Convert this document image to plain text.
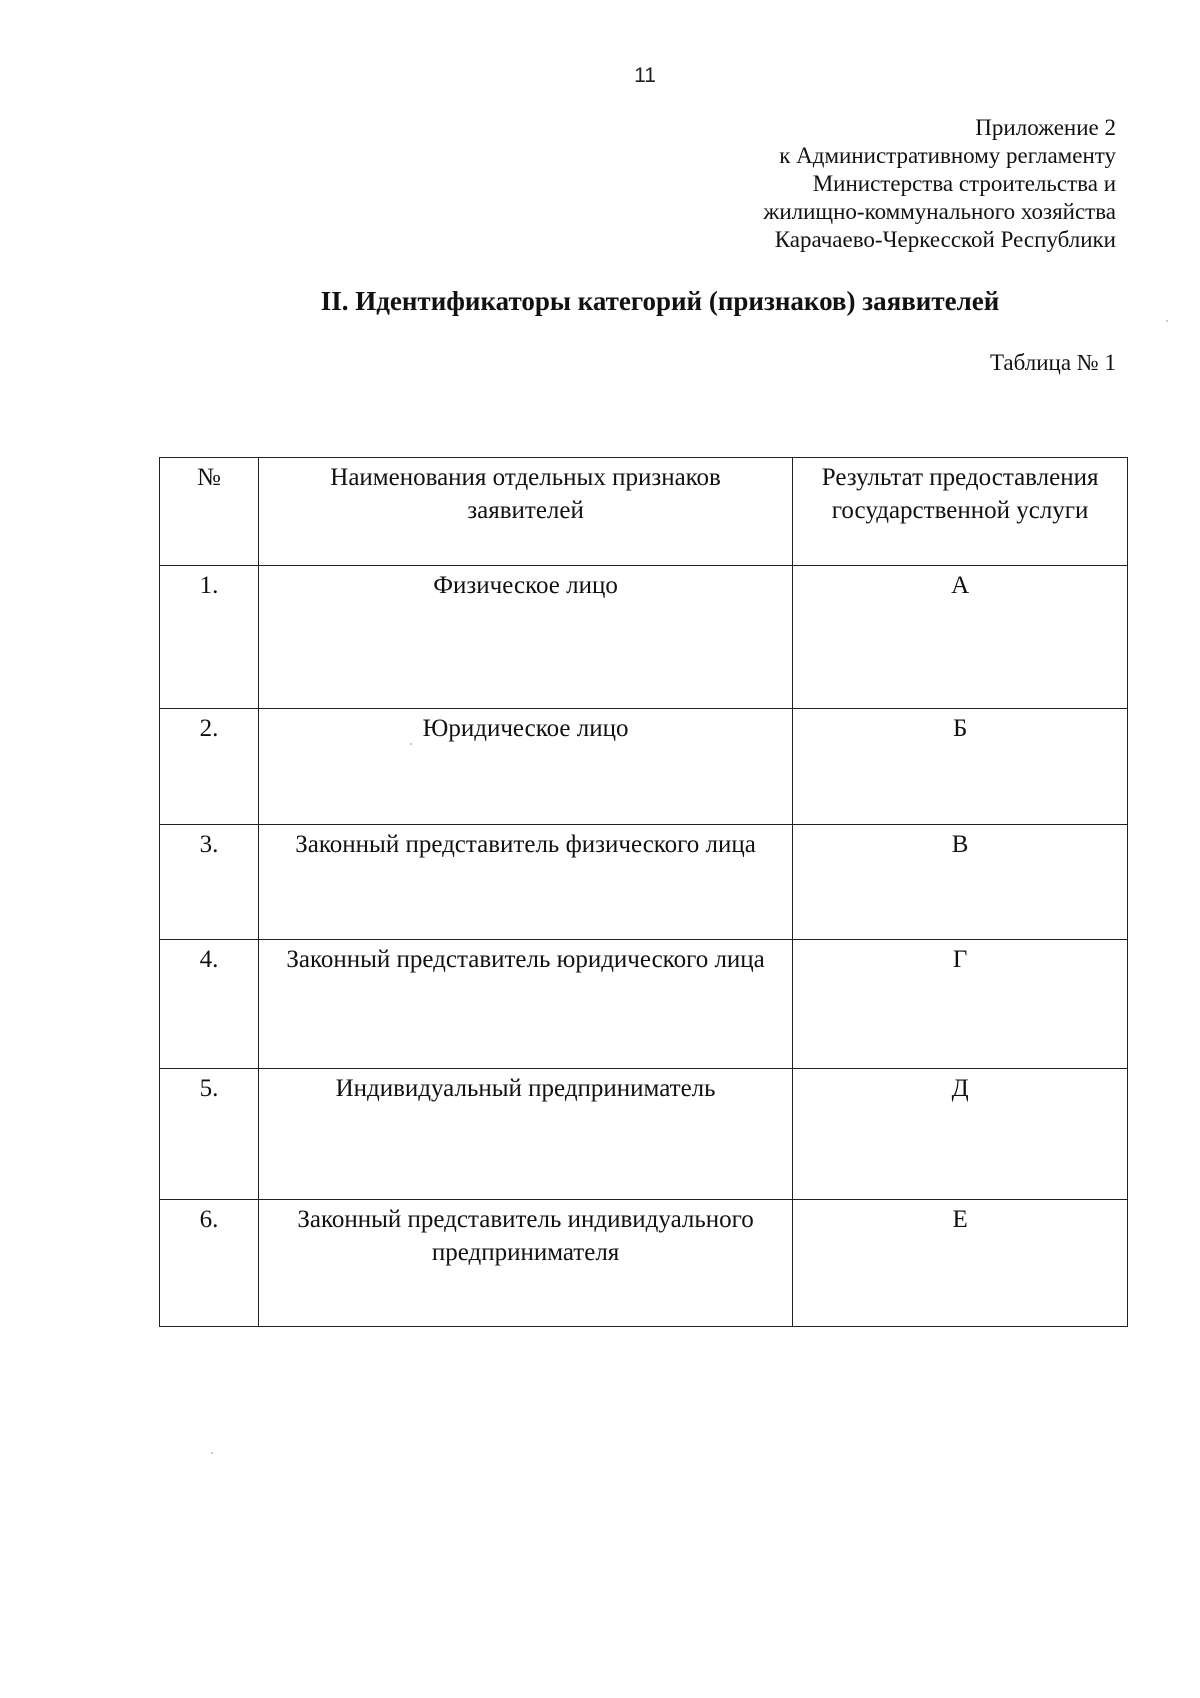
11
Приложение 2
к Административному регламенту
Министерства строительства и
жилищно-коммунального хозяйства
Карачаево-Черкесской Республики
II. Идентификаторы категорий (признаков) заявителей
Таблица № 1
№	Наименования отдельных признаков заявителей	Результат предоставления государственной услуги
1.	Физическое лицо	А
2.	Юридическое лицо	Б
3.	Законный представитель физического лица	В
4.	Законный представитель юридического лица	Г
5.	Индивидуальный предприниматель	Д
6.	Законный представитель индивидуального предпринимателя	Е
